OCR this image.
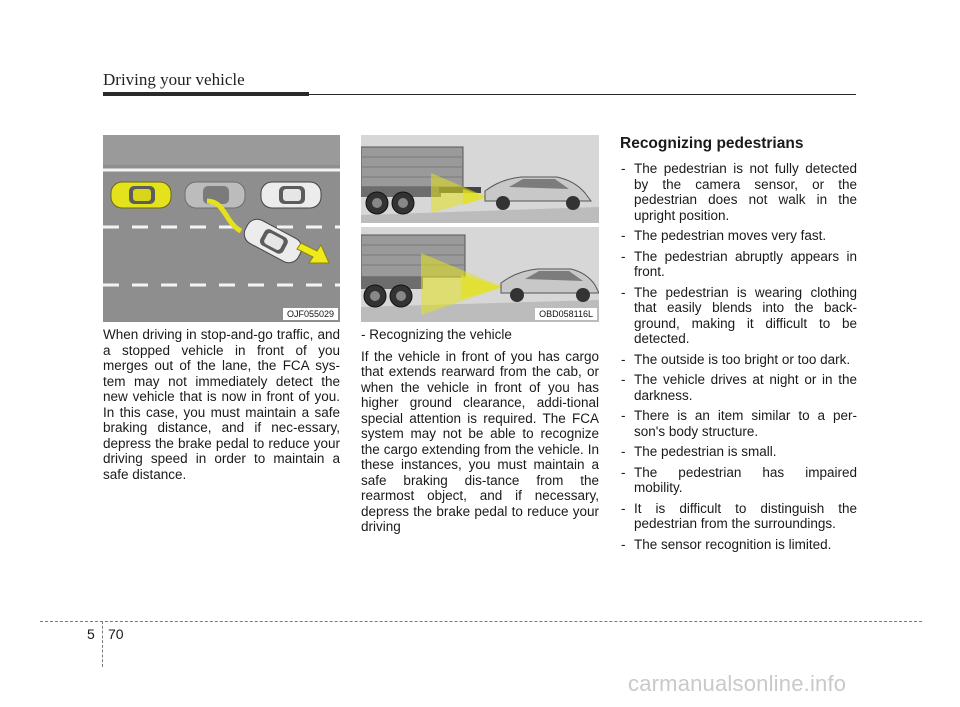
Driving your vehicle
OJF055029	OBD058116L

When driving in stop-and-go traffic, and a stopped vehicle in front of you merges out of the lane, the FCA sys-tem may not immediately detect the new vehicle that is now in front of you. In this case, you must maintain a safe braking distance, and if nec-essary, depress the brake pedal to reduce your driving speed in order to maintain a safe distance.

- Recognizing the vehicle

If the vehicle in front of you has cargo that extends rearward from the cab, or when the vehicle in front of you has higher ground clearance, addi-tional special attention is required. The FCA system may not be able to recognize the cargo extending from the vehicle. In these instances, you must maintain a safe braking dis-tance from the rearmost object, and if necessary, depress the brake pedal to reduce your driving

Recognizing pedestrians
- The pedestrian is not fully detected by the camera sensor, or the pedestrian does not walk in the upright position.
- The pedestrian moves very fast.
- The pedestrian abruptly appears in front.
- The pedestrian is wearing clothing that easily blends into the back-ground, making it difficult to be detected.
- The outside is too bright or too dark.
- The vehicle drives at night or in the darkness.
- There is an item similar to a per-son's body structure.
- The pedestrian is small.
- The pedestrian has impaired mobility.
- It is difficult to distinguish the pedestrian from the surroundings.
- The sensor recognition is limited.
5 70
carmanualsonline.info
